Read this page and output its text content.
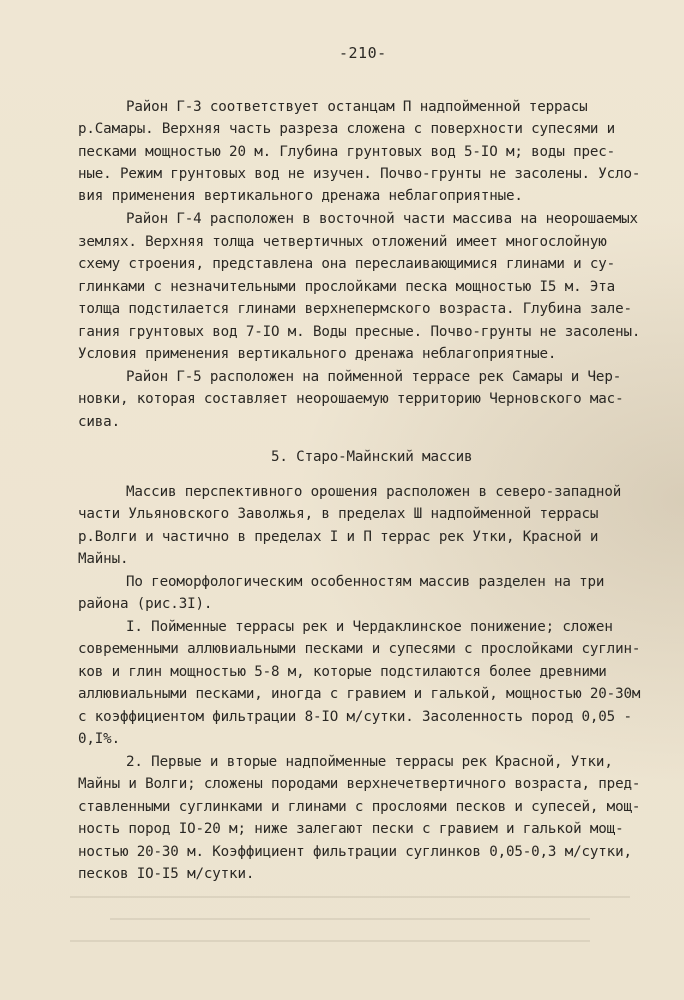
-210-
Район Г-3 соответствует останцам П надпойменной террасы
р.Самары. Верхняя часть разреза сложена с поверхности супесями и
песками мощностью 20 м. Глубина грунтовых вод 5-IO м; воды прес-
ные. Режим грунтовых вод не изучен. Почво-грунты не засолены. Усло-
вия применения вертикального дренажа неблагоприятные.
Район Г-4 расположен в восточной части массива на неорошаемых
землях. Верхняя толща четвертичных отложений имеет многослойную
схему строения, представлена она переслаивающимися глинами и су-
глинками с незначительными прослойками песка мощностью I5 м. Эта
толща подстилается глинами верхнепермского возраста. Глубина зале-
гания грунтовых вод 7-IO м. Воды пресные. Почво-грунты не засолены.
Условия применения вертикального дренажа неблагоприятные.
Район Г-5 расположен на пойменной террасе рек Самары и Чер-
новки, которая составляет неорошаемую территорию Черновского мас-
сива.
5. Старо-Майнский массив
Массив перспективного орошения расположен в северо-западной
части Ульяновского Заволжья, в пределах Ш надпойменной террасы
р.Волги и частично в пределах I и П террас рек Утки, Красной и
Майны.
По геоморфологическим особенностям массив разделен на три
района (рис.3I).
I. Пойменные террасы рек и Чердаклинское понижение; сложен
современными аллювиальными песками и супесями с прослойками суглин-
ков и глин мощностью 5-8 м, которые подстилаются более древними
аллювиальными песками, иногда с гравием и галькой, мощностью 20-30м
с коэффициентом фильтрации 8-IO м/сутки. Засоленность пород 0,05 -
0,I%.
2. Первые и вторые надпойменные террасы рек Красной, Утки,
Майны и Волги; сложены породами верхнечетвертичного возраста, пред-
ставленными суглинками и глинами с прослоями песков и супесей, мощ-
ность пород IO-20 м; ниже залегают пески с гравием и галькой мощ-
ностью 20-30 м. Коэффициент фильтрации суглинков 0,05-0,3 м/сутки,
песков IO-I5 м/сутки.
